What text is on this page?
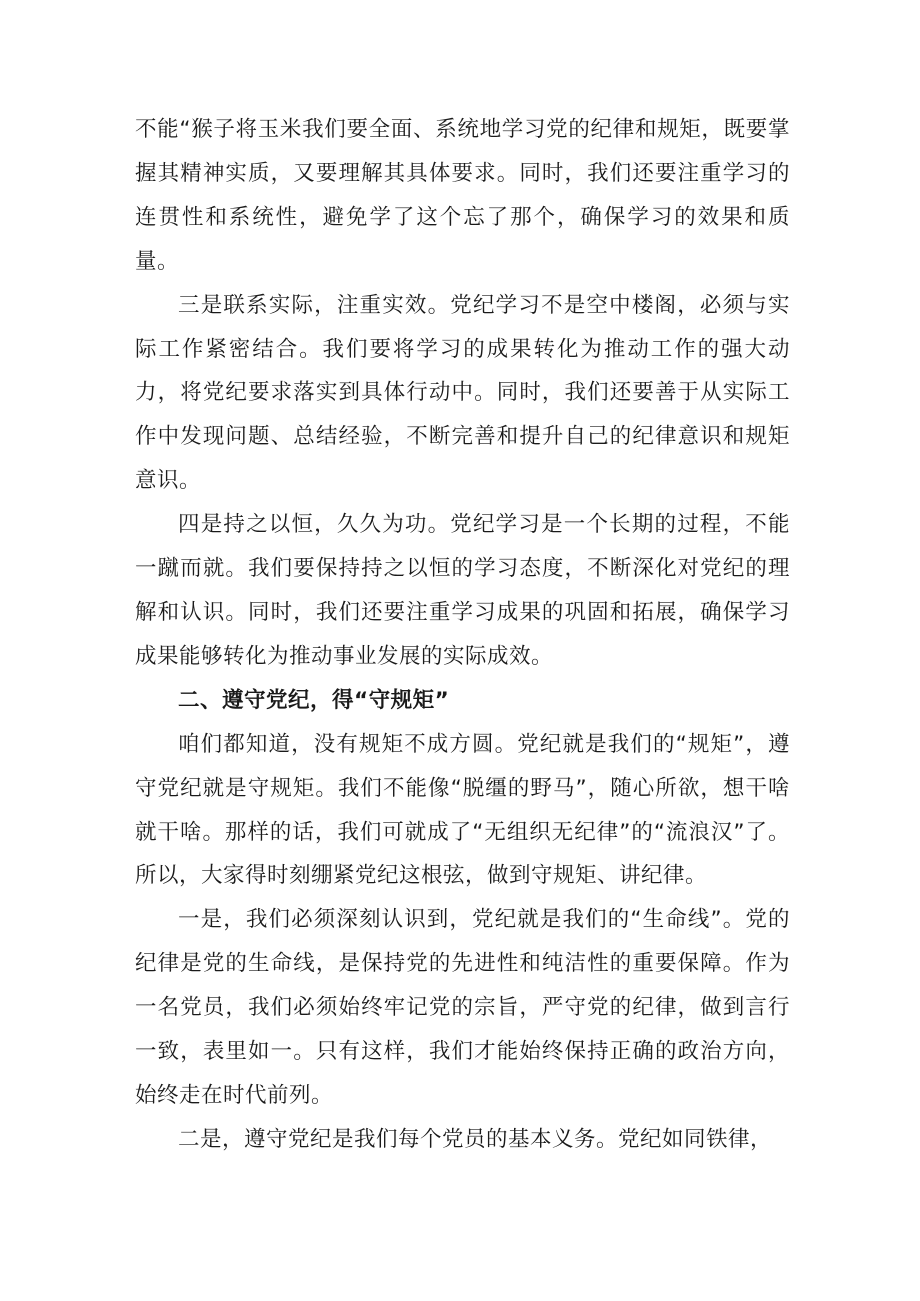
不能“猴子将玉米我们要全面、系统地学习党的纪律和规矩，既要掌握其精神实质，又要理解其具体要求。同时，我们还要注重学习的连贯性和系统性，避免学了这个忘了那个，确保学习的效果和质量。

三是联系实际，注重实效。党纪学习不是空中楼阁，必须与实际工作紧密结合。我们要将学习的成果转化为推动工作的强大动力，将党纪要求落实到具体行动中。同时，我们还要善于从实际工作中发现问题、总结经验，不断完善和提升自己的纪律意识和规矩意识。

四是持之以恒，久久为功。党纪学习是一个长期的过程，不能一蹴而就。我们要保持持之以恒的学习态度，不断深化对党纪的理解和认识。同时，我们还要注重学习成果的巩固和拓展，确保学习成果能够转化为推动事业发展的实际成效。

二、遵守党纪，得“守规矩”

咱们都知道，没有规矩不成方圆。党纪就是我们的“规矩”，遵守党纪就是守规矩。我们不能像“脱缰的野马”，随心所欲，想干啥就干啥。那样的话，我们可就成了“无组织无纪律”的“流浪汉”了。所以，大家得时刻绷紧党纪这根弦，做到守规矩、讲纪律。

一是，我们必须深刻认识到，党纪就是我们的“生命线”。党的纪律是党的生命线，是保持党的先进性和纯洁性的重要保障。作为一名党员，我们必须始终牢记党的宗旨，严守党的纪律，做到言行一致，表里如一。只有这样，我们才能始终保持正确的政治方向，始终走在时代前列。

二是，遵守党纪是我们每个党员的基本义务。党纪如同铁律，
